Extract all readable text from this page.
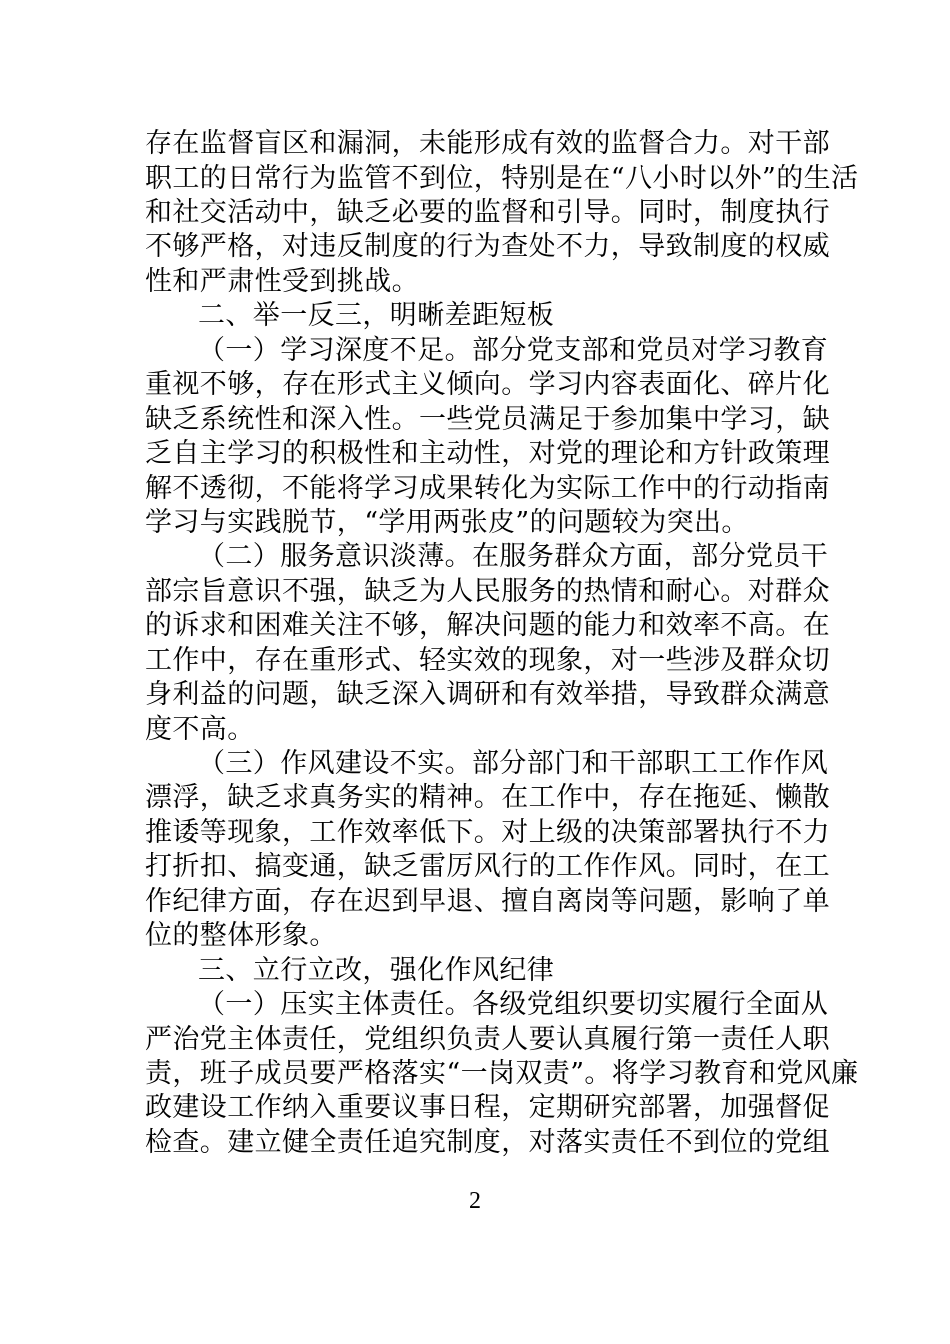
存在监督盲区和漏洞，未能形成有效的监督合力。对干部
职工的日常行为监管不到位，特别是在“八小时以外”的生活
和社交活动中，缺乏必要的监督和引导。同时，制度执行
不够严格，对违反制度的行为查处不力，导致制度的权威
性和严肃性受到挑战。
二、举一反三，明晰差距短板
（一）学习深度不足。部分党支部和党员对学习教育
重视不够，存在形式主义倾向。学习内容表面化、碎片化
缺乏系统性和深入性。一些党员满足于参加集中学习，缺
乏自主学习的积极性和主动性，对党的理论和方针政策理
解不透彻，不能将学习成果转化为实际工作中的行动指南
学习与实践脱节，“学用两张皮”的问题较为突出。
（二）服务意识淡薄。在服务群众方面，部分党员干
部宗旨意识不强，缺乏为人民服务的热情和耐心。对群众
的诉求和困难关注不够，解决问题的能力和效率不高。在
工作中，存在重形式、轻实效的现象，对一些涉及群众切
身利益的问题，缺乏深入调研和有效举措，导致群众满意
度不高。
（三）作风建设不实。部分部门和干部职工工作作风
漂浮，缺乏求真务实的精神。在工作中，存在拖延、懒散
推诿等现象，工作效率低下。对上级的决策部署执行不力
打折扣、搞变通，缺乏雷厉风行的工作作风。同时，在工
作纪律方面，存在迟到早退、擅自离岗等问题，影响了单
位的整体形象。
三、立行立改，强化作风纪律
（一）压实主体责任。各级党组织要切实履行全面从
严治党主体责任，党组织负责人要认真履行第一责任人职
责，班子成员要严格落实“一岗双责”。将学习教育和党风廉
政建设工作纳入重要议事日程，定期研究部署，加强督促
检查。建立健全责任追究制度，对落实责任不到位的党组
2
